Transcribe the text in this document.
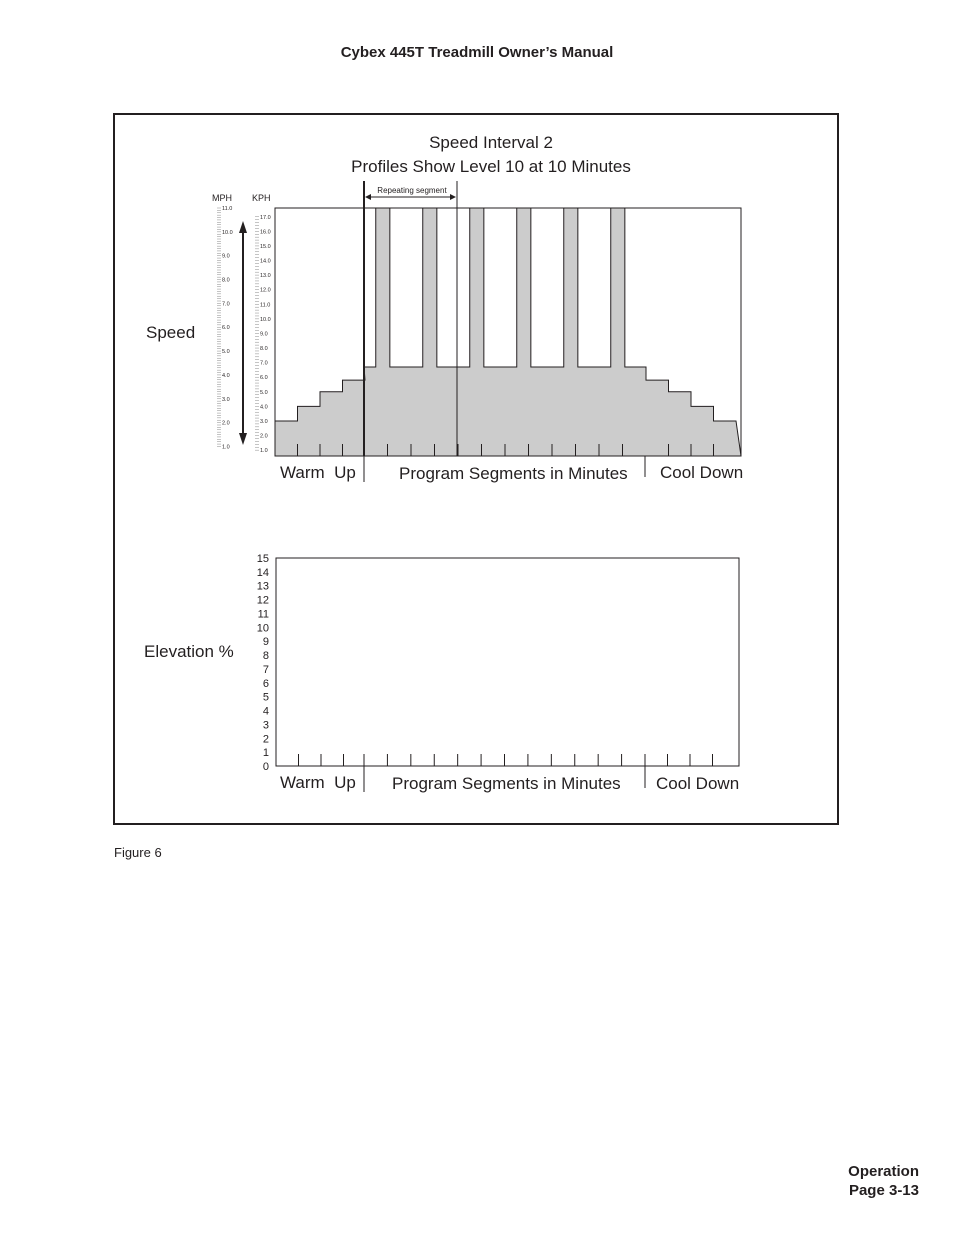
Cybex 445T Treadmill Owner’s Manual
Speed Interval 2
Profiles Show Level 10 at 10 Minutes
Speed
MPH KPH
1.0
2.0
3.0
4.0
5.0
6.0
7.0
8.0
9.0
10.0
11.0
1.0
2.0
3.0
4.0
5.0
6.0
7.0
8.0
9.0
10.0
11.0
12.0
13.0
14.0
15.0
16.0
17.0
Repeating segment
Warm  Up	Program Segments in Minutes Cool Down
Elevation %
0
1
2
3
4
5
6
7
8
9
10
11
12
13
14
15
Warm  Up Program Segments in Minutes Cool Down
Figure 6
Operation
Page 3-13
